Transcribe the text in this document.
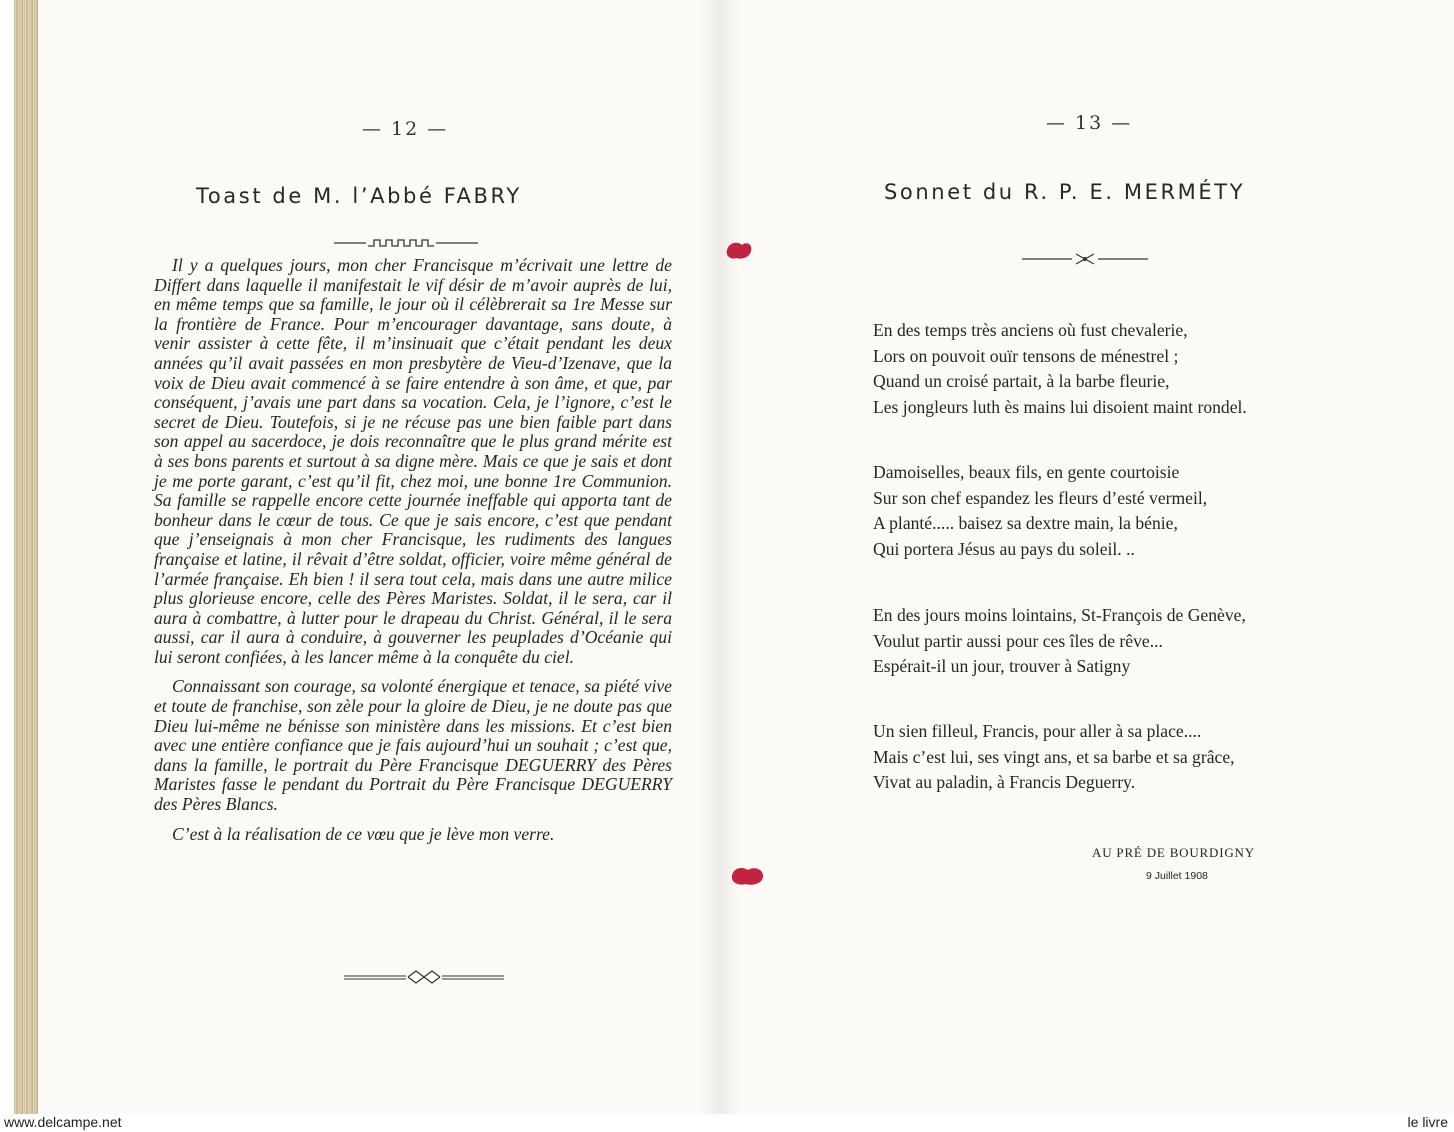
— 12 —
Toast de M. l’Abbé FABRY

Il y a quelques jours, mon cher Francisque m’écrivait une lettre de Differt dans laquelle il manifestait le vif désir de m’avoir auprès de lui, en même temps que sa famille, le jour où il célèbrerait sa 1re Messe sur la frontière de France. Pour m’encourager davantage, sans doute, à venir assister à cette fête, il m’insinuait que c’était pendant les deux années qu’il avait passées en mon presbytère de Vieu-d’Izenave, que la voix de Dieu avait commencé à se faire entendre à son âme, et que, par conséquent, j’avais une part dans sa vocation. Cela, je l’ignore, c’est le secret de Dieu. Toutefois, si je ne récuse pas une bien faible part dans son appel au sacerdoce, je dois reconnaître que le plus grand mérite est à ses bons parents et surtout à sa digne mère. Mais ce que je sais et dont je me porte garant, c’est qu’il fit, chez moi, une bonne 1re Communion. Sa famille se rappelle encore cette journée ineffable qui apporta tant de bonheur dans le cœur de tous. Ce que je sais encore, c’est que pendant que j’enseignais à mon cher Francisque, les rudiments des langues française et latine, il rêvait d’être soldat, officier, voire même général de l’armée française. Eh bien ! il sera tout cela, mais dans une autre milice plus glorieuse encore, celle des Pères Maristes. Soldat, il le sera, car il aura à combattre, à lutter pour le drapeau du Christ. Général, il le sera aussi, car il aura à conduire, à gouverner les peuplades d’Océanie qui lui seront confiées, à les lancer même à la conquête du ciel.

Connaissant son courage, sa volonté énergique et tenace, sa piété vive et toute de franchise, son zèle pour la gloire de Dieu, je ne doute pas que Dieu lui-même ne bénisse son ministère dans les missions. Et c’est bien avec une entière confiance que je fais aujourd’hui un souhait ; c’est que, dans la famille, le portrait du Père Francisque DEGUERRY des Pères Maristes fasse le pendant du Portrait du Père Francisque DEGUERRY des Pères Blancs.

C’est à la réalisation de ce vœu que je lève mon verre.

— 13 —
Sonnet du R. P. E. MERMÉTY
En des temps très anciens où fust chevalerie,
Lors on pouvoit ouïr tensons de ménestrel ;
Quand un croisé partait, à la barbe fleurie,
Les jongleurs luth ès mains lui disoient maint rondel.
Damoiselles, beaux fils, en gente courtoisie
Sur son chef espandez les fleurs d’esté vermeil,
A planté..... baisez sa dextre main, la bénie,
Qui portera Jésus au pays du soleil. ..
En des jours moins lointains, St-François de Genève,
Voulut partir aussi pour ces îles de rêve...
Espérait-il un jour, trouver à Satigny
Un sien filleul, Francis, pour aller à sa place....
Mais c’est lui, ses vingt ans, et sa barbe et sa grâce,
Vivat au paladin, à Francis Deguerry.
AU PRÉ DE BOURDIGNY
9 Juillet 1908
www.delcampe.net	le livre
